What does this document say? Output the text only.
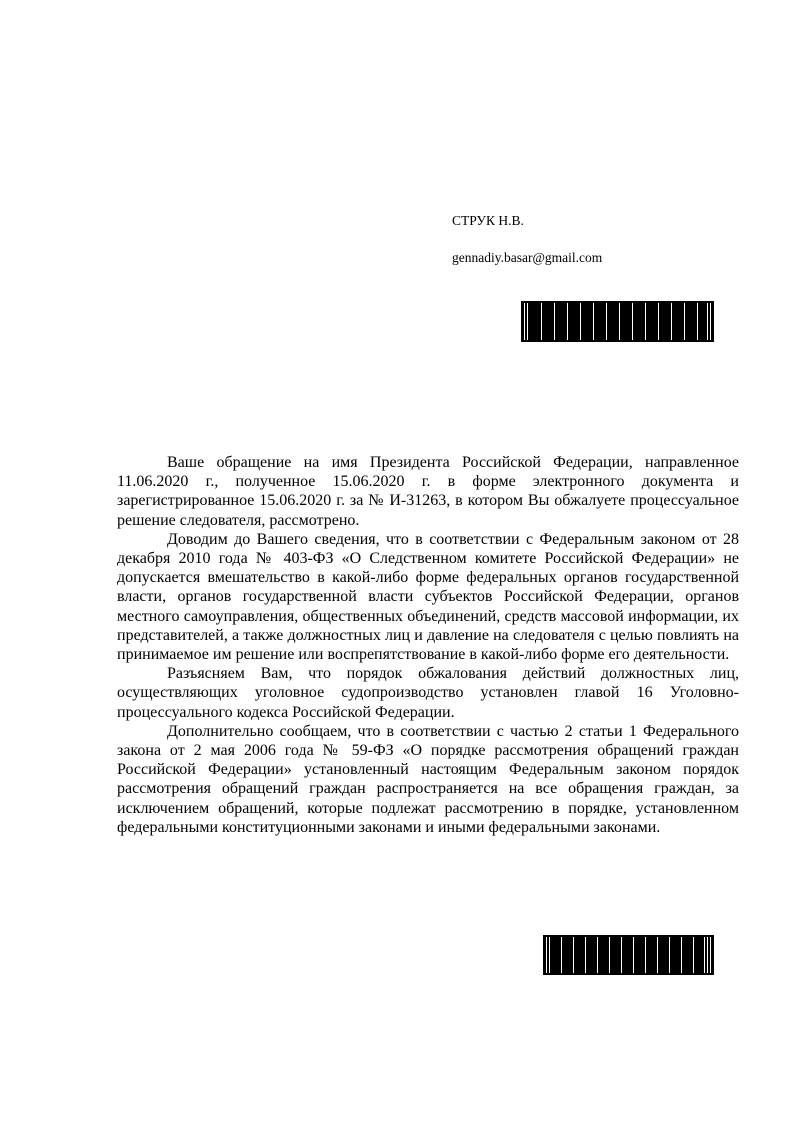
СТРУК Н.В.
gennadiy.basar@gmail.com

Ваше обращение на имя Президента Российской Федерации, направленное 11.06.2020 г., полученное 15.06.2020 г. в форме электронного документа и зарегистрированное 15.06.2020 г. за № И-31263, в котором Вы обжалуете процессуальное решение следователя, рассмотрено.

Доводим до Вашего сведения, что в соответствии с Федеральным законом от 28 декабря 2010 года № 403-ФЗ «О Следственном комитете Российской Федерации» не допускается вмешательство в какой-либо форме федеральных органов государственной власти, органов государственной власти субъектов Российской Федерации, органов местного самоуправления, общественных объединений, средств массовой информации, их представителей, а также должностных лиц и давление на следователя с целью повлиять на принимаемое им решение или воспрепятствование в какой-либо форме его деятельности.

Разъясняем Вам, что порядок обжалования действий должностных лиц, осуществляющих уголовное судопроизводство установлен главой 16 Уголовно-процессуального кодекса Российской Федерации.

Дополнительно сообщаем, что в соответствии с частью 2 статьи 1 Федерального закона от 2 мая 2006 года № 59-ФЗ «О порядке рассмотрения обращений граждан Российской Федерации» установленный настоящим Федеральным законом порядок рассмотрения обращений граждан распространяется на все обращения граждан, за исключением обращений, которые подлежат рассмотрению в порядке, установленном федеральными конституционными законами и иными федеральными законами.
